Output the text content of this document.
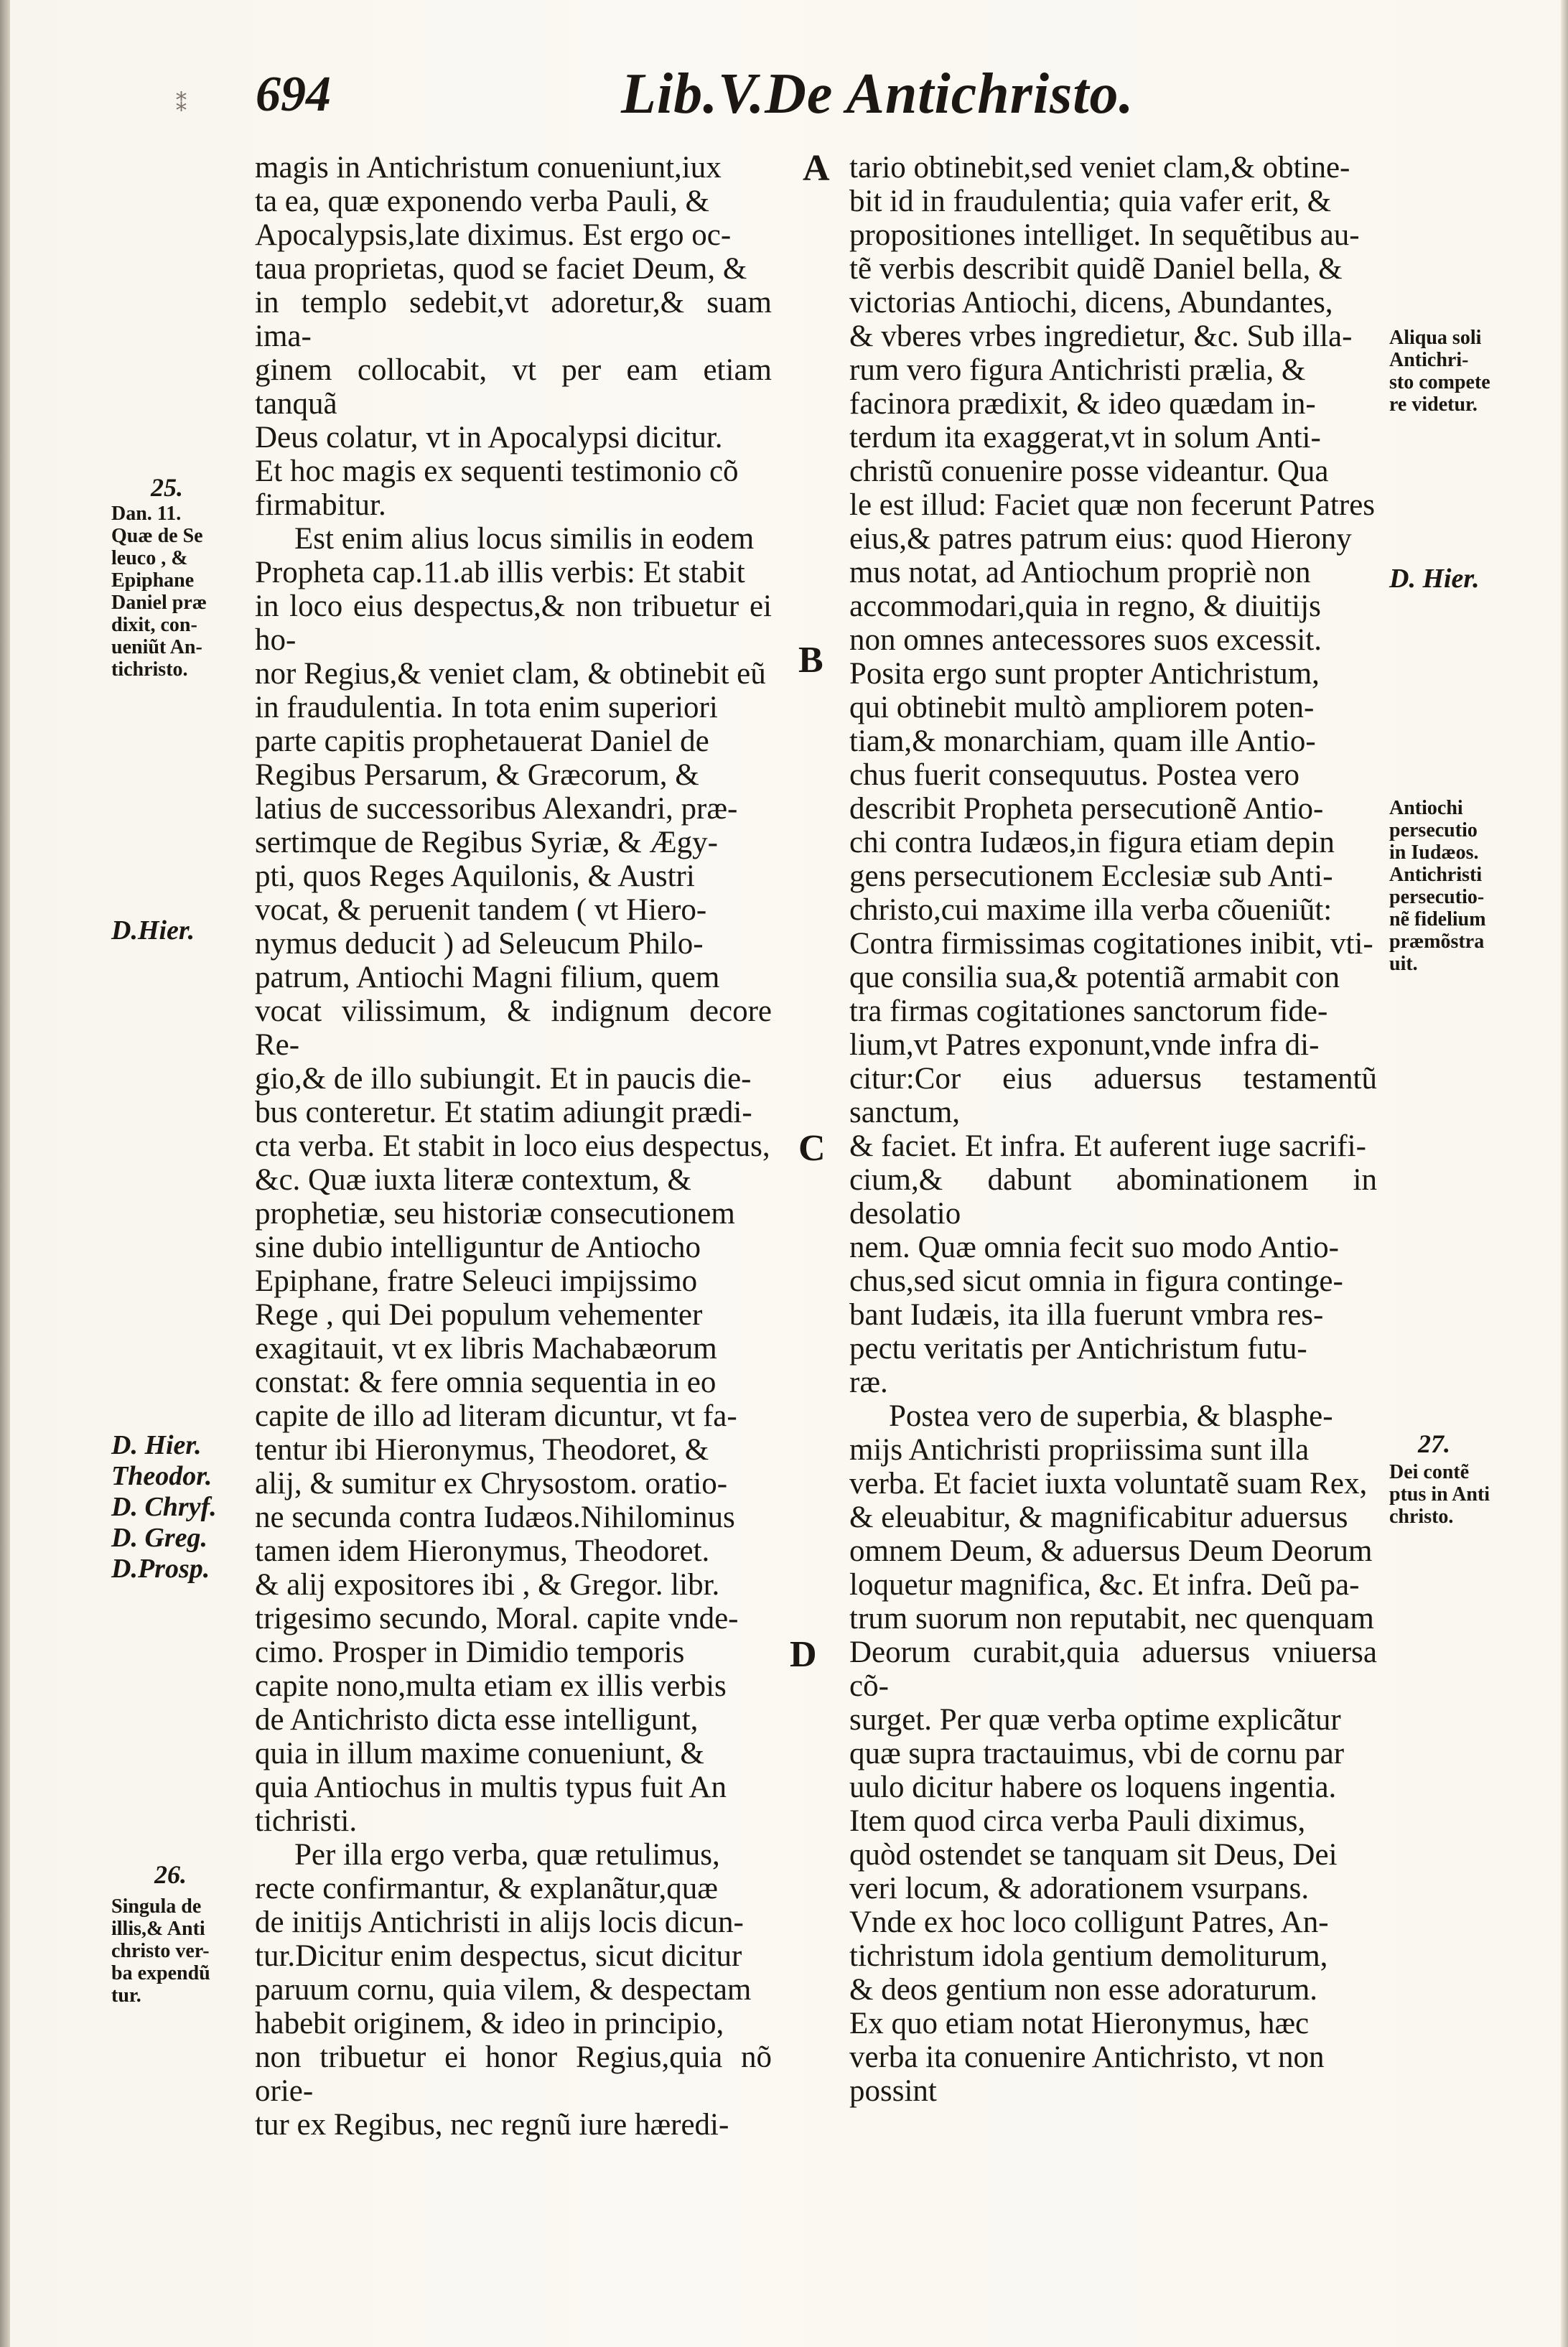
⁑ 694	Lib.V.De Antichristo.

magis in Antichristum conueniunt,iux
ta ea, quæ exponendo verba Pauli, &
Apocalypsis,late diximus. Est ergo oc-
taua proprietas, quod se faciet Deum, &
in templo sedebit,vt adoretur,& suam ima-
ginem collocabit, vt per eam etiam tanquã
Deus colatur, vt in Apocalypsi dicitur.
Et hoc magis ex sequenti testimonio cõ
firmabitur.

Est enim alius locus similis in eodem
Propheta cap.11.ab illis verbis: Et stabit
in loco eius despectus,& non tribuetur ei ho-
nor Regius,& veniet clam, & obtinebit eũ
in fraudulentia. In tota enim superiori
parte capitis prophetauerat Daniel de
Regibus Persarum, & Græcorum, &
latius de successoribus Alexandri, præ-
sertimque de Regibus Syriæ, & Ægy-
pti, quos Reges Aquilonis, & Austri
vocat, & peruenit tandem ( vt Hiero-
nymus deducit ) ad Seleucum Philo-
patrum, Antiochi Magni filium, quem
vocat vilissimum, & indignum decore Re-
gio,& de illo subiungit. Et in paucis die-
bus conteretur. Et statim adiungit prædi-
cta verba. Et stabit in loco eius despectus,
&c. Quæ iuxta literæ contextum, &
prophetiæ, seu historiæ consecutionem
sine dubio intelliguntur de Antiocho
Epiphane, fratre Seleuci impijssimo
Rege , qui Dei populum vehementer
exagitauit, vt ex libris Machabæorum
constat: & fere omnia sequentia in eo
capite de illo ad literam dicuntur, vt fa-
tentur ibi Hieronymus, Theodoret, &
alij, & sumitur ex Chrysostom. oratio-
ne secunda contra Iudæos.Nihilominus
tamen idem Hieronymus, Theodoret.
& alij expositores ibi , & Gregor. libr.
trigesimo secundo, Moral. capite vnde-
cimo. Prosper in Dimidio temporis
capite nono,multa etiam ex illis verbis
de Antichristo dicta esse intelligunt,
quia in illum maxime conueniunt, &
quia Antiochus in multis typus fuit An
tichristi.

Per illa ergo verba, quæ retulimus,
recte confirmantur, & explanãtur,quæ
de initijs Antichristi in alijs locis dicun-
tur.Dicitur enim despectus, sicut dicitur
paruum cornu, quia vilem, & despectam
habebit originem, & ideo in principio,
non tribuetur ei honor Regius,quia nõ orie-
tur ex Regibus, nec regnũ iure hæredi-

A
B
C
D

tario obtinebit,sed veniet clam,& obtine-
bit id in fraudulentia; quia vafer erit, &
propositiones intelliget. In sequẽtibus au-
tẽ verbis describit quidẽ Daniel bella, &
victorias Antiochi, dicens, Abundantes,
& vberes vrbes ingredietur, &c. Sub illa-
rum vero figura Antichristi prælia, &
facinora prædixit, & ideo quædam in-
terdum ita exaggerat,vt in solum Anti-
christũ conuenire posse videantur. Qua
le est illud: Faciet quæ non fecerunt Patres
eius,& patres patrum eius: quod Hierony
mus notat, ad Antiochum propriè non
accommodari,quia in regno, & diuitijs
non omnes antecessores suos excessit.
Posita ergo sunt propter Antichristum,
qui obtinebit multò ampliorem poten-
tiam,& monarchiam, quam ille Antio-
chus fuerit consequutus. Postea vero
describit Propheta persecutionẽ Antio-
chi contra Iudæos,in figura etiam depin
gens persecutionem Ecclesiæ sub Anti-
christo,cui maxime illa verba cõueniũt:
Contra firmissimas cogitationes inibit, vti-
que consilia sua,& potentiã armabit con
tra firmas cogitationes sanctorum fide-
lium,vt Patres exponunt,vnde infra di-
citur:Cor eius aduersus testamentũ sanctum,
& faciet. Et infra. Et auferent iuge sacrifi-
cium,& dabunt abominationem in desolatio
nem. Quæ omnia fecit suo modo Antio-
chus,sed sicut omnia in figura continge-
bant Iudæis, ita illa fuerunt vmbra res-
pectu veritatis per Antichristum futu-
ræ.

Postea vero de superbia, & blasphe-
mijs Antichristi propriissima sunt illa
verba. Et faciet iuxta voluntatẽ suam Rex,
& eleuabitur, & magnificabitur aduersus
omnem Deum, & aduersus Deum Deorum
loquetur magnifica, &c. Et infra. Deũ pa-
trum suorum non reputabit, nec quenquam
Deorum curabit,quia aduersus vniuersa cõ-
surget. Per quæ verba optime explicãtur
quæ supra tractauimus, vbi de cornu par
uulo dicitur habere os loquens ingentia.
Item quod circa verba Pauli diximus,
quòd ostendet se tanquam sit Deus, Dei
veri locum, & adorationem vsurpans.
Vnde ex hoc loco colligunt Patres, An-
tichristum idola gentium demoliturum,
& deos gentium non esse adoraturum.
Ex quo etiam notat Hieronymus, hæc
verba ita conuenire Antichristo, vt non
possint

25.
Dan. 11.
Quæ de Se
leuco , &
Epiphane
Daniel præ
dixit, con-
ueniũt An-
tichristo.
D.Hier.
D. Hier.
Theodor.
D. Chryf.
D. Greg.
D.Prosp.
26.
Singula de
illis,& Anti
christo ver-
ba expendũ
tur.
Aliqua soli
Antichri-
sto compete
re videtur.
D. Hier.
Antiochi
persecutio
in Iudæos.
Antichristi
persecutio-
nẽ fidelium
præmõstra
uit.
27.
Dei contẽ
ptus in Anti
christo.
